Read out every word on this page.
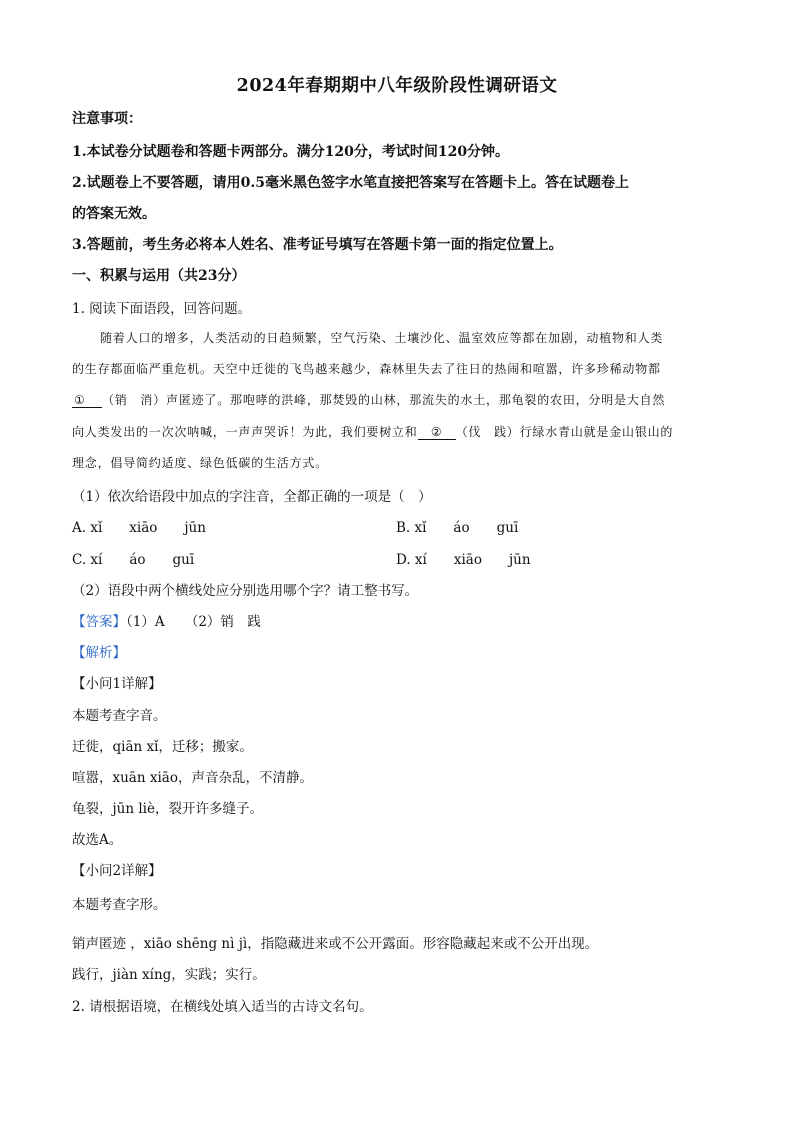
2024年春期期中八年级阶段性调研语文
注意事项：
1.本试卷分试题卷和答题卡两部分。满分120分，考试时间120分钟。
2.试题卷上不要答题，请用0.5毫米黑色签字水笔直接把答案写在答题卡上。答在试题卷上
的答案无效。
3.答题前，考生务必将本人姓名、准考证号填写在答题卡第一面的指定位置上。
一、积累与运用（共23分）
1. 阅读下面语段，回答问题。
随着人口的增多，人类活动的日趋频繁，空气污染、土壤沙化、温室效应等都在加剧，动植物和人类
的生存都面临严重危机。天空中迁徙的飞鸟越来越少，森林里失去了往日的热闹和喧嚣，许多珍稀动物都
① （销　消）声匿迹了。那咆哮的洪峰，那焚毁的山林，那流失的水土，那龟裂的农田，分明是大自然
向人类发出的一次次呐喊，一声声哭诉！为此，我们要树立和 ② （伐　践）行绿水青山就是金山银山的
理念，倡导简约适度、绿色低碳的生活方式。
（1）依次给语段中加点的字注音，全都正确的一项是（　）
A. xǐ　　xiāo　　jūn	B. xǐ　　áo　　guī
C. xí　　áo　　guī	D. xí　　xiāo　　jūn
（2）语段中两个横线处应分别选用哪个字？请工整书写。
【答案】（1）A　　（2）销　践
【解析】
【小问1详解】
本题考查字音。
迁徙，qiān xǐ，迁移；搬家。
喧嚣，xuān xiāo，声音杂乱，不清静。
龟裂，jūn liè，裂开许多缝子。
故选A。
【小问2详解】
本题考查字形。
销声匿迹 ，xiāo shēng nì jì，指隐藏进来或不公开露面。形容隐藏起来或不公开出现。
践行，jiàn xíng，实践；实行。
2. 请根据语境，在横线处填入适当的古诗文名句。
